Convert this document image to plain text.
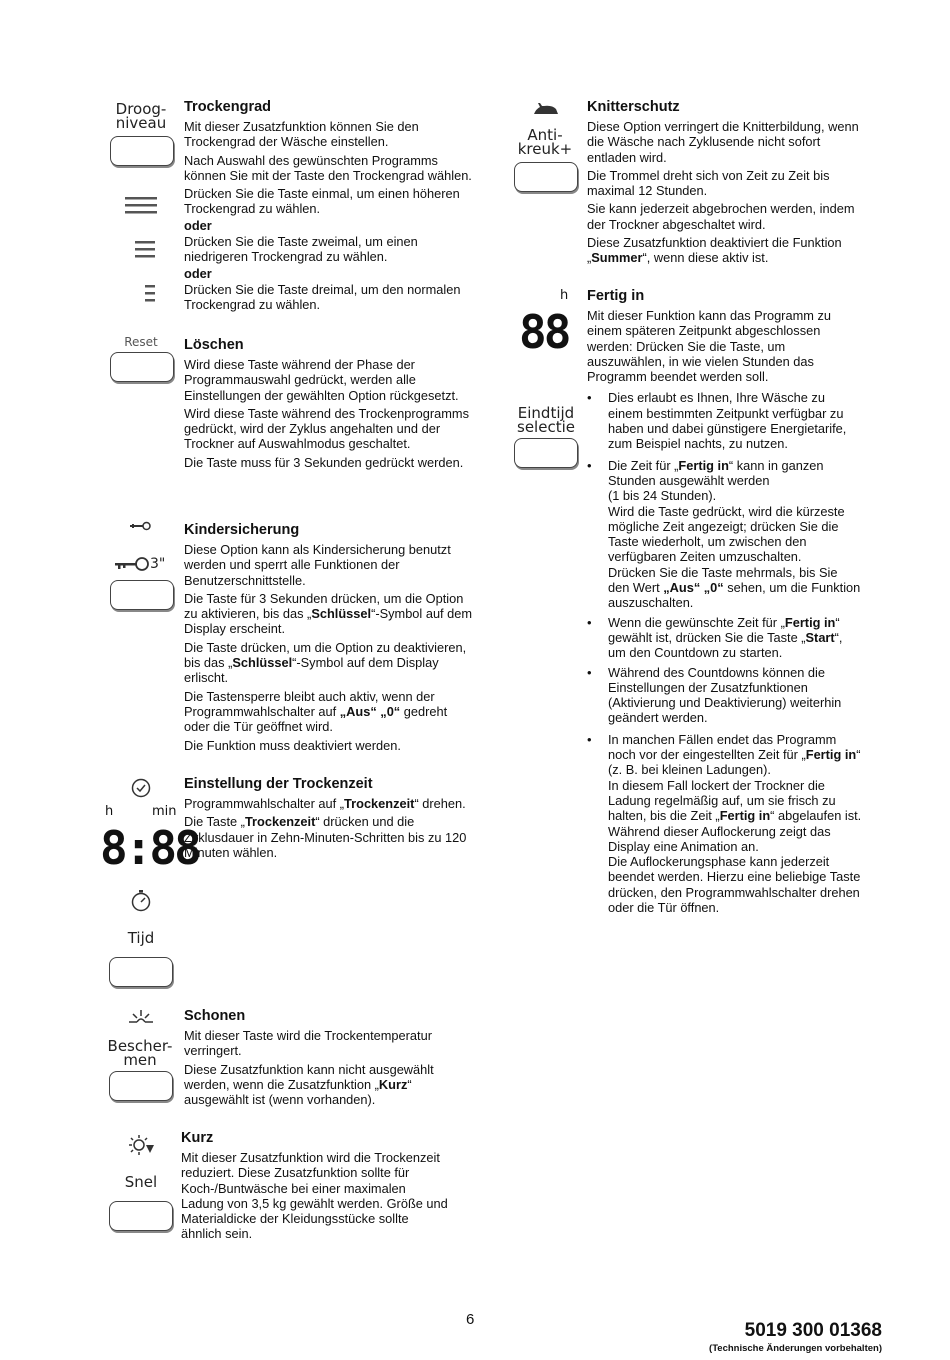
Droog-
niveau
Reset
3"
h	min
8:88
Tijd
Bescher-
men
Snel
Trockengrad

Mit dieser Zusatzfunktion können Sie den Trockengrad der Wäsche einstellen.

Nach Auswahl des gewünschten Programms können Sie mit der Taste den Trockengrad wählen.

Drücken Sie die Taste einmal, um einen höheren Trockengrad zu wählen.

oder

Drücken Sie die Taste zweimal, um einen niedrigeren Trockengrad zu wählen.

oder

Drücken Sie die Taste dreimal, um den normalen Trockengrad zu wählen.

Löschen

Wird diese Taste während der Phase der Programmauswahl gedrückt, werden alle Einstellungen der gewählten Option rückgesetzt.

Wird diese Taste während des Trockenprogramms gedrückt, wird der Zyklus angehalten und der Trockner auf Auswahlmodus geschaltet.

Die Taste muss für 3 Sekunden gedrückt werden.

Kindersicherung

Diese Option kann als Kindersicherung benutzt werden und sperrt alle Funktionen der Benutzerschnittstelle.

Die Taste für 3 Sekunden drücken, um die Option zu aktivieren, bis das „Schlüssel“-Symbol auf dem Display erscheint.

Die Taste drücken, um die Option zu deaktivieren, bis das „Schlüssel“-Symbol auf dem Display erlischt.

Die Tastensperre bleibt auch aktiv, wenn der Programmwahlschalter auf „Aus“ „0“ gedreht oder die Tür geöffnet wird.

Die Funktion muss deaktiviert werden.

Einstellung der Trockenzeit

Programmwahlschalter auf „Trockenzeit“ drehen.

Die Taste „Trockenzeit“ drücken und die Zyklusdauer in Zehn-Minuten-Schritten bis zu 120 Minuten wählen.

Schonen

Mit dieser Taste wird die Trockentemperatur verringert.

Diese Zusatzfunktion kann nicht ausgewählt werden, wenn die Zusatzfunktion „Kurz“ ausgewählt ist (wenn vorhanden).

Kurz

Mit dieser Zusatzfunktion wird die Trockenzeit reduziert. Diese Zusatzfunktion sollte für Koch-/Buntwäsche bei einer maximalen Ladung von 3,5 kg gewählt werden. Größe und Materialdicke der Kleidungsstücke sollte ähnlich sein.

Anti-
kreuk+
h
88
Eindtijd
selectie
Knitterschutz

Diese Option verringert die Knitterbildung, wenn die Wäsche nach Zyklusende nicht sofort entladen wird.

Die Trommel dreht sich von Zeit zu Zeit bis maximal 12 Stunden.

Sie kann jederzeit abgebrochen werden, indem der Trockner abgeschaltet wird.

Diese Zusatzfunktion deaktiviert die Funktion „Summer“, wenn diese aktiv ist.

Fertig in

Mit dieser Funktion kann das Programm zu einem späteren Zeitpunkt abgeschlossen werden: Drücken Sie die Taste, um auszuwählen, in wie vielen Stunden das Programm beendet werden soll.

• Dies erlaubt es Ihnen, Ihre Wäsche zu einem bestimmten Zeitpunkt verfügbar zu haben und dabei günstigere Energietarife, zum Beispiel nachts, zu nutzen.

• Die Zeit für „Fertig in“ kann in ganzen Stunden ausgewählt werden
(1 bis 24 Stunden).
Wird die Taste gedrückt, wird die kürzeste mögliche Zeit angezeigt; drücken Sie die Taste wiederholt, um zwischen den verfügbaren Zeiten umzuschalten.
Drücken Sie die Taste mehrmals, bis Sie den Wert „Aus“ „0“ sehen, um die Funktion auszuschalten.
• Wenn die gewünschte Zeit für „Fertig in“ gewählt ist, drücken Sie die Taste „Start“, um den Countdown zu starten.

• Während des Countdowns können die Einstellungen der Zusatzfunktionen (Aktivierung und Deaktivierung) weiterhin geändert werden.

• In manchen Fällen endet das Programm noch vor der eingestellten Zeit für „Fertig in“ (z. B. bei kleinen Ladungen).
In diesem Fall lockert der Trockner die Ladung regelmäßig auf, um sie frisch zu halten, bis die Zeit „Fertig in“ abgelaufen ist.
Während dieser Auflockerung zeigt das Display eine Animation an.
Die Auflockerungsphase kann jederzeit beendet werden. Hierzu eine beliebige Taste drücken, den Programmwahlschalter drehen oder die Tür öffnen.
6
5019 300 01368
(Technische Änderungen vorbehalten)
